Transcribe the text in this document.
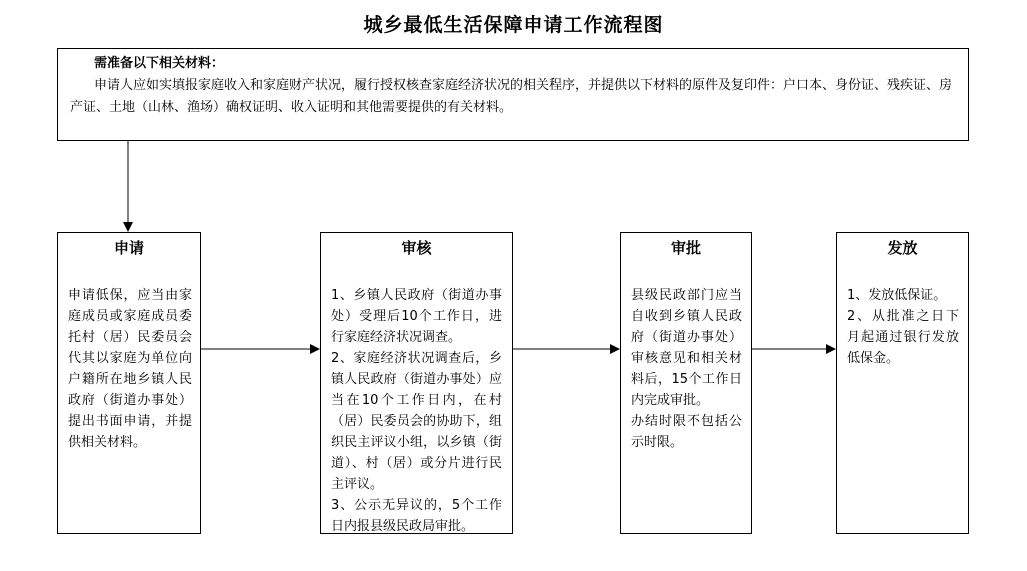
城乡最低生活保障申请工作流程图
需准备以下相关材料：
申请人应如实填报家庭收入和家庭财产状况，履行授权核查家庭经济状况的相关程序，并提供以下材料的原件及复印件：户口本、身份证、残疾证、房产证、土地（山林、渔场）确权证明、收入证明和其他需要提供的有关材料。
申请
申请低保，应当由家庭成员或家庭成员委托村（居）民委员会代其以家庭为单位向户籍所在地乡镇人民政府（街道办事处）提出书面申请，并提供相关材料。
审核
1、乡镇人民政府（街道办事处）受理后10个工作日，进行家庭经济状况调查。
2、家庭经济状况调查后，乡镇人民政府（街道办事处）应当在10个工作日内，在村（居）民委员会的协助下，组织民主评议小组，以乡镇（街道）、村（居）或分片进行民主评议。
3、公示无异议的，5个工作日内报县级民政局审批。
审批
县级民政部门应当自收到乡镇人民政府（街道办事处）审核意见和相关材料后，15个工作日内完成审批。
办结时限不包括公示时限。
发放
1、发放低保证。
2、从批准之日下月起通过银行发放低保金。
